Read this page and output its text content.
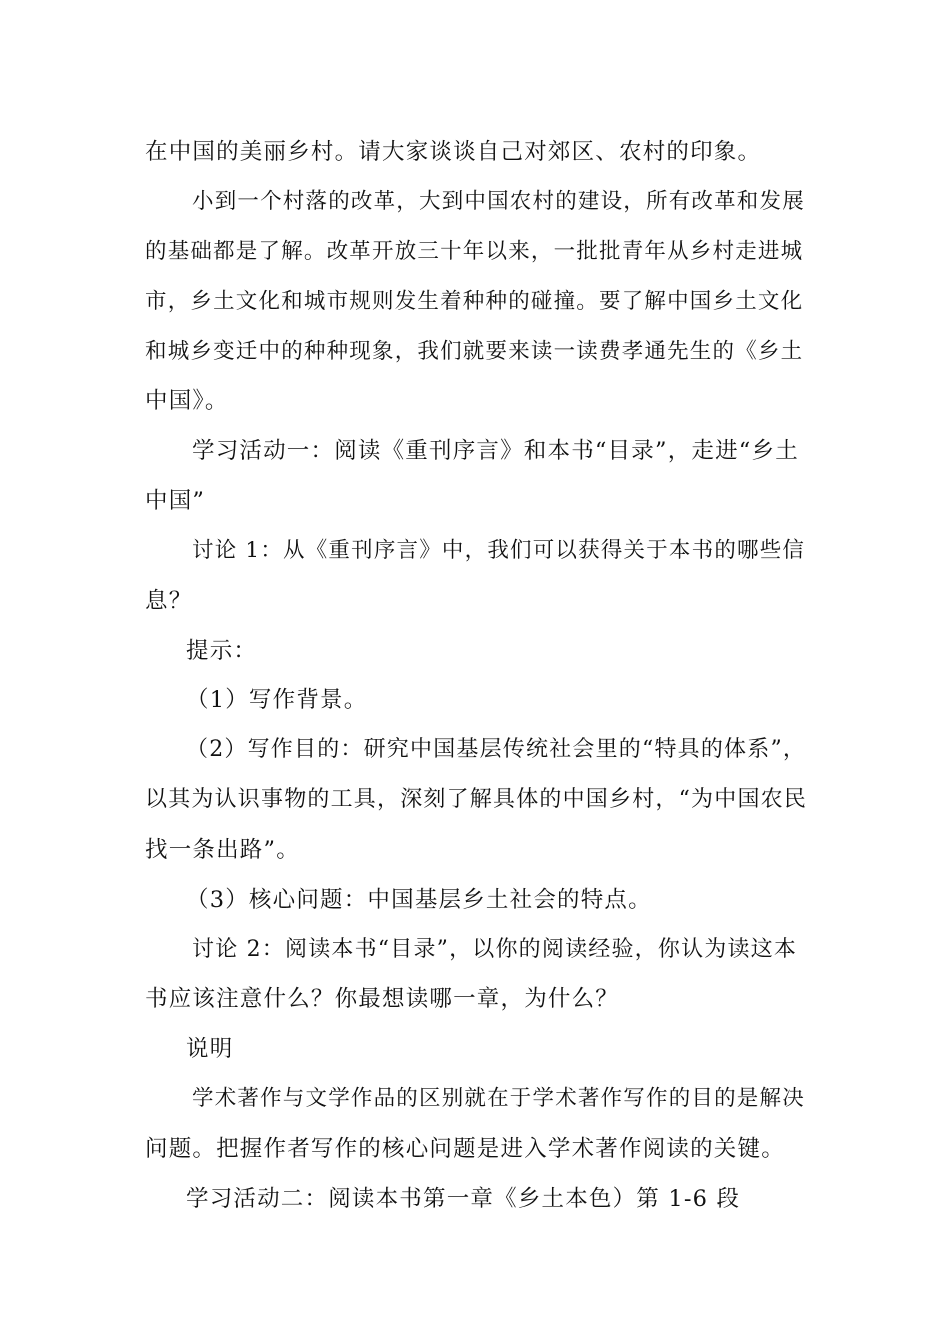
在中国的美丽乡村。请大家谈谈自己对郊区、农村的印象。
小到一个村落的改革，大到中国农村的建设，所有改革和发展
的基础都是了解。改革开放三十年以来，一批批青年从乡村走进城
市，乡土文化和城市规则发生着种种的碰撞。要了解中国乡土文化
和城乡变迁中的种种现象，我们就要来读一读费孝通先生的《乡土
中国》。
学习活动一：阅读《重刊序言》和本书“目录”，走进“乡土
中国”
讨论 1：从《重刊序言》中，我们可以获得关于本书的哪些信
息？
提示：
（1）写作背景。
（2）写作目的：研究中国基层传统社会里的“特具的体系”，
以其为认识事物的工具，深刻了解具体的中国乡村，“为中国农民
找一条出路”。
（3）核心问题：中国基层乡土社会的特点。
讨论 2：阅读本书“目录”，以你的阅读经验，你认为读这本
书应该注意什么？你最想读哪一章，为什么？
说明
学术著作与文学作品的区别就在于学术著作写作的目的是解决
问题。把握作者写作的核心问题是进入学术著作阅读的关键。
学习活动二：阅读本书第一章《乡土本色）第 1-6 段
